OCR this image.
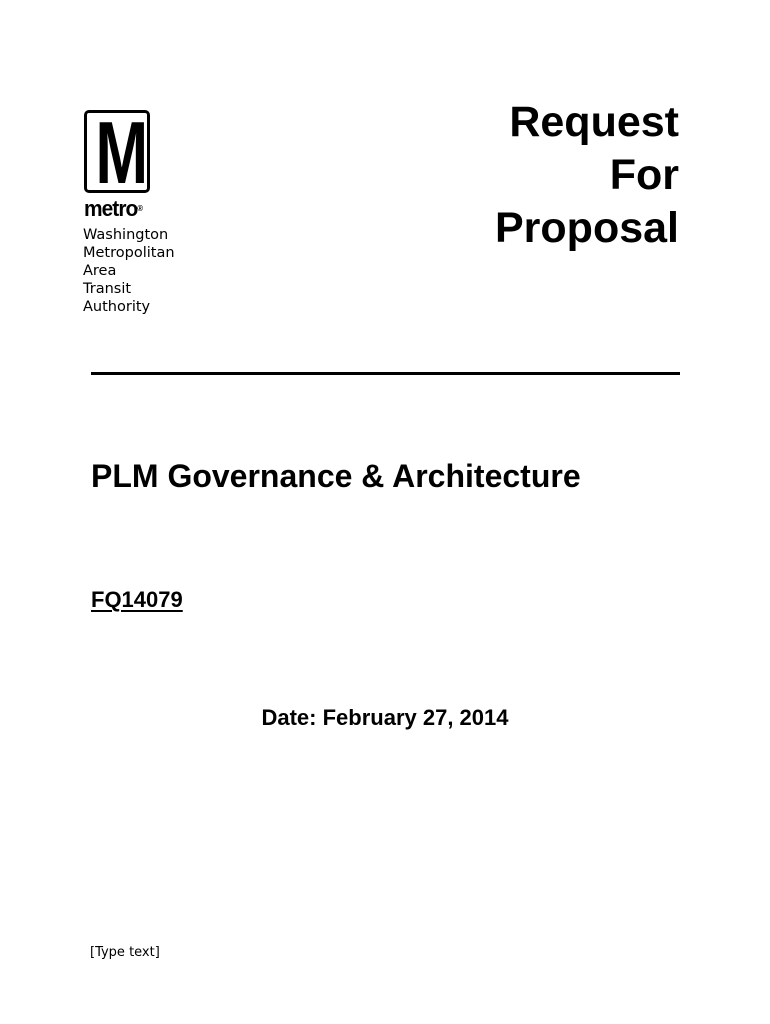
M
metro®
Washington
Metropolitan
Area
Transit
Authority
Request
For
Proposal
PLM Governance & Architecture
FQ14079
Date: February 27, 2014
[Type text]
